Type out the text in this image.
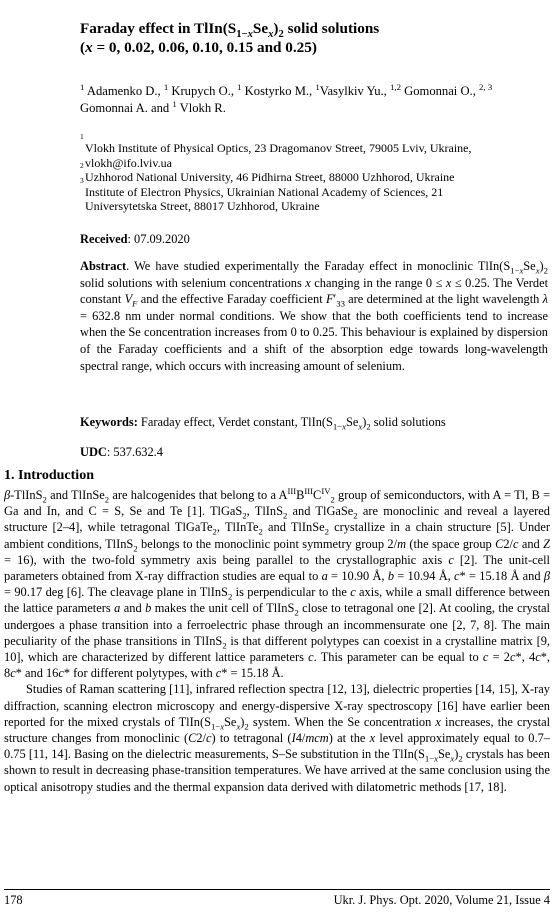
Faraday effect in $TlIn(S_{1-x}Se_x)_2$ solid solutions
(x = 0, 0.02, 0.06, 0.10, 0.15 and 0.25)

$^1$ Adamenko D., $^1$ Krupych O., $^1$ Kostyrko M., $^1$Vasylkiv Yu., $^{1,2}$ Gomonnai O., $^{2, 3}$ Gomonnai A. and $^1$ Vlokh R.

1
Vlokh Institute of Physical Optics, 23 Dragomanov Street, 79005 Lviv, Ukraine,
vlokh@ifo.lviv.ua
2
Uzhhorod National University, 46 Pidhirna Street, 88000 Uzhhorod, Ukraine
3
Institute of Electron Physics, Ukrainian National Academy of Sciences, 21
Universytetska Street, 88017 Uzhhorod, Ukraine
Received: 07.09.2020

Abstract. We have studied experimentally the Faraday effect in monoclinic $TlIn(S_{1-x}Se_x)_2$ solid solutions with selenium concentrations x changing in the range 0 ≤ x ≤ 0.25. The Verdet constant $V_F$ and the effective Faraday coefficient $F'_{33}$ are determined at the light wavelength λ = 632.8 nm under normal conditions. We show that the both coefficients tend to increase when the Se concentration increases from 0 to 0.25. This behaviour is explained by dispersion of the Faraday coefficients and a shift of the absorption edge towards long-wavelength spectral range, which occurs with increasing amount of selenium.

Keywords: Faraday effect, Verdet constant, $TlIn(S_{1-x}Se_x)_2$ solid solutions
UDC: 537.632.4
1. Introduction

β-TlInS$_2$ and TlInSe$_2$ are halcogenides that belong to a $A^{III}B^{III}C^{IV}_2$ group of semiconductors, with A = Tl, B = Ga and In, and C = S, Se and Te [1]. TlGaS$_2$, TlInS$_2$ and TlGaSe$_2$ are monoclinic and reveal a layered structure [2–4], while tetragonal TlGaTe$_2$, TlInTe$_2$ and TlInSe$_2$ crystallize in a chain structure [5]. Under ambient conditions, TlInS$_2$ belongs to the monoclinic point symmetry group 2/m (the space group C2/c and Z = 16), with the two-fold symmetry axis being parallel to the crystallographic axis c [2]. The unit-cell parameters obtained from X-ray diffraction studies are equal to a = 10.90 Å, b = 10.94 Å, c* = 15.18 Å and β = 90.17 deg [6]. The cleavage plane in TlInS$_2$ is perpendicular to the c axis, while a small difference between the lattice parameters a and b makes the unit cell of TlInS$_2$ close to tetragonal one [2]. At cooling, the crystal undergoes a phase transition into a ferroelectric phase through an incommensurate one [2, 7, 8]. The main peculiarity of the phase transitions in TlInS$_2$ is that different polytypes can coexist in a crystalline matrix [9, 10], which are characterized by different lattice parameters c. This parameter can be equal to c = 2c*, 4c*, 8c* and 16c* for different polytypes, with c* = 15.18 Å.

Studies of Raman scattering [11], infrared reflection spectra [12, 13], dielectric properties [14, 15], X-ray diffraction, scanning electron microscopy and energy-dispersive X-ray spectroscopy [16] have earlier been reported for the mixed crystals of $TlIn(S_{1-x}Se_x)_2$ system. When the Se concentration x increases, the crystal structure changes from monoclinic (C2/c) to tetragonal (I4/mcm) at the x level approximately equal to 0.7–0.75 [11, 14]. Basing on the dielectric measurements, S–Se substitution in the $TlIn(S_{1-x}Se_x)_2$ crystals has been shown to result in decreasing phase-transition temperatures. We have arrived at the same conclusion using the optical anisotropy studies and the thermal expansion data derived with dilatometric methods [17, 18].

178	Ukr. J. Phys. Opt. 2020, Volume 21, Issue 4
